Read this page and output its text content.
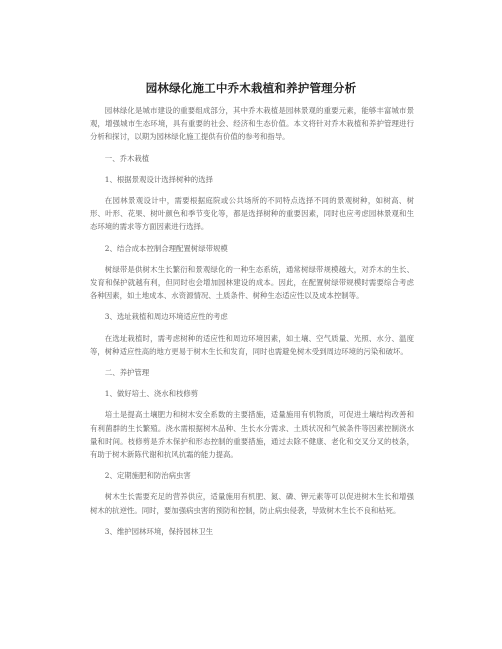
园林绿化施工中乔木栽植和养护管理分析

园林绿化是城市建设的重要组成部分，其中乔木栽植是园林景观的重要元素，能够丰富城市景观，增强城市生态环境，具有重要的社会、经济和生态价值。本文将针对乔木栽植和养护管理进行分析和探讨，以期为园林绿化施工提供有价值的参考和指导。

一、乔木栽植

1、根据景观设计选择树种的选择

在园林景观设计中，需要根据庭院或公共场所的不同特点选择不同的景观树种，如树高、树形、叶形、花果、树叶颜色和季节变化等，都是选择树种的重要因素，同时也应考虑园林景观和生态环境的需求等方面因素进行选择。

2、结合成本控制合理配置树绿带规模

树绿带是供树木生长繁衍和景观绿化的一种生态系统，通常树绿带规模越大，对乔木的生长、发育和保护就越有利，但同时也会增加园林建设的成本。因此，在配置树绿带规模时需要综合考虑各种因素，如土地成本、水资源情况、土质条件、树种生态适应性以及成本控制等。

3、选址栽植和周边环境适应性的考虑

在选址栽植时，需考虑树种的适应性和周边环境因素，如土壤、空气质量、光照、水分、温度等，树种适应性高的地方更易于树木生长和发育，同时也需避免树木受到周边环境的污染和破坏。

二、养护管理

1、做好培土、浇水和枝修剪

培土是提高土壤肥力和树木安全系数的主要措施，适量施用有机物质，可促进土壤结构改善和有利菌群的生长繁殖。浇水需根据树木品种、生长水分需求、土质状况和气候条件等因素控制浇水量和时间。枝修剪是乔木保护和形态控制的重要措施，通过去除不健康、老化和交叉分叉的枝条，有助于树木新陈代谢和抗风抗霜的能力提高。

2、定期施肥和防治病虫害

树木生长需要充足的营养供应，适量施用有机肥、氮、磷、钾元素等可以促进树木生长和增强树木的抗逆性。同时，要加强病虫害的预防和控制，防止病虫侵袭，导致树木生长不良和枯死。

3、维护园林环境，保持园林卫生
